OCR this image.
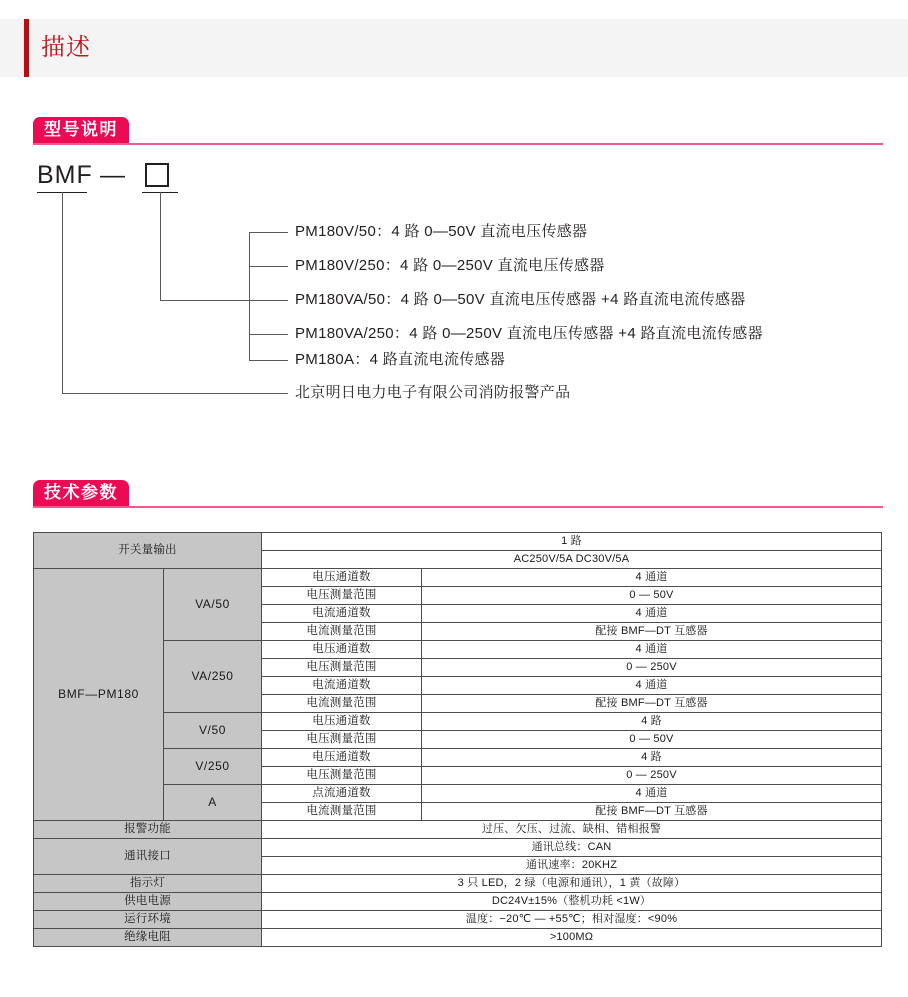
描述
型号说明
BMF —
PM180V/50：4 路 0—50V 直流电压传感器
PM180V/250：4 路 0—250V 直流电压传感器
PM180VA/50：4 路 0—50V 直流电压传感器 +4 路直流电流传感器
PM180VA/250：4 路 0—250V 直流电压传感器 +4 路直流电流传感器
PM180A：4 路直流电流传感器
北京明日电力电子有限公司消防报警产品
技术参数
开关量输出		1 路	
		AC250V/5A DC30V/5A	
BMF—PM180	VA/50	电压通道数	4 通道
		电压测量范围	0 — 50V
		电流通道数	4 通道
		电流测量范围	配接 BMF—DT 互感器
	VA/250	电压通道数	4 通道
		电压测量范围	0 — 250V
		电流通道数	4 通道
		电流测量范围	配接 BMF—DT 互感器
	V/50	电压通道数	4 路
		电压测量范围	0 — 50V
	V/250	电压通道数	4 路
		电压测量范围	0 — 250V
	A	点流通道数	4 通道
		电流测量范围	配接 BMF—DT 互感器
报警功能		过压、欠压、过流、缺相、错相报警	
通讯接口		通讯总线：CAN	
		通讯速率：20KHZ	
指示灯		3 只 LED，2 绿（电源和通讯），1 黄（故障）	
供电电源		DC24V±15%（整机功耗 <1W）	
运行环境		温度：−20℃ — +55℃；相对湿度：<90%	
绝缘电阻		>100MΩ	
